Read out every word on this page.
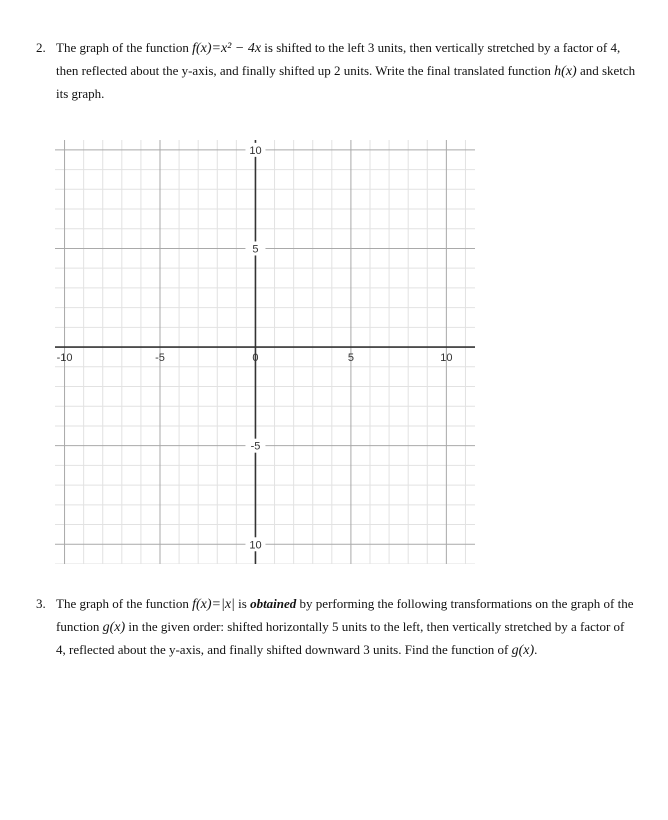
2. The graph of the function f(x)=x² − 4x is shifted to the left 3 units, then vertically stretched by a factor of 4, then reflected about the y-axis, and finally shifted up 2 units. Write the final translated function h(x) and sketch its graph.
-10	-5	0	5	10
10
5
-5
10
3. The graph of the function f(x)=|x| is obtained by performing the following transformations on the graph of the function g(x) in the given order: shifted horizontally 5 units to the left, then vertically stretched by a factor of 4, reflected about the y-axis, and finally shifted downward 3 units. Find the function of g(x).
